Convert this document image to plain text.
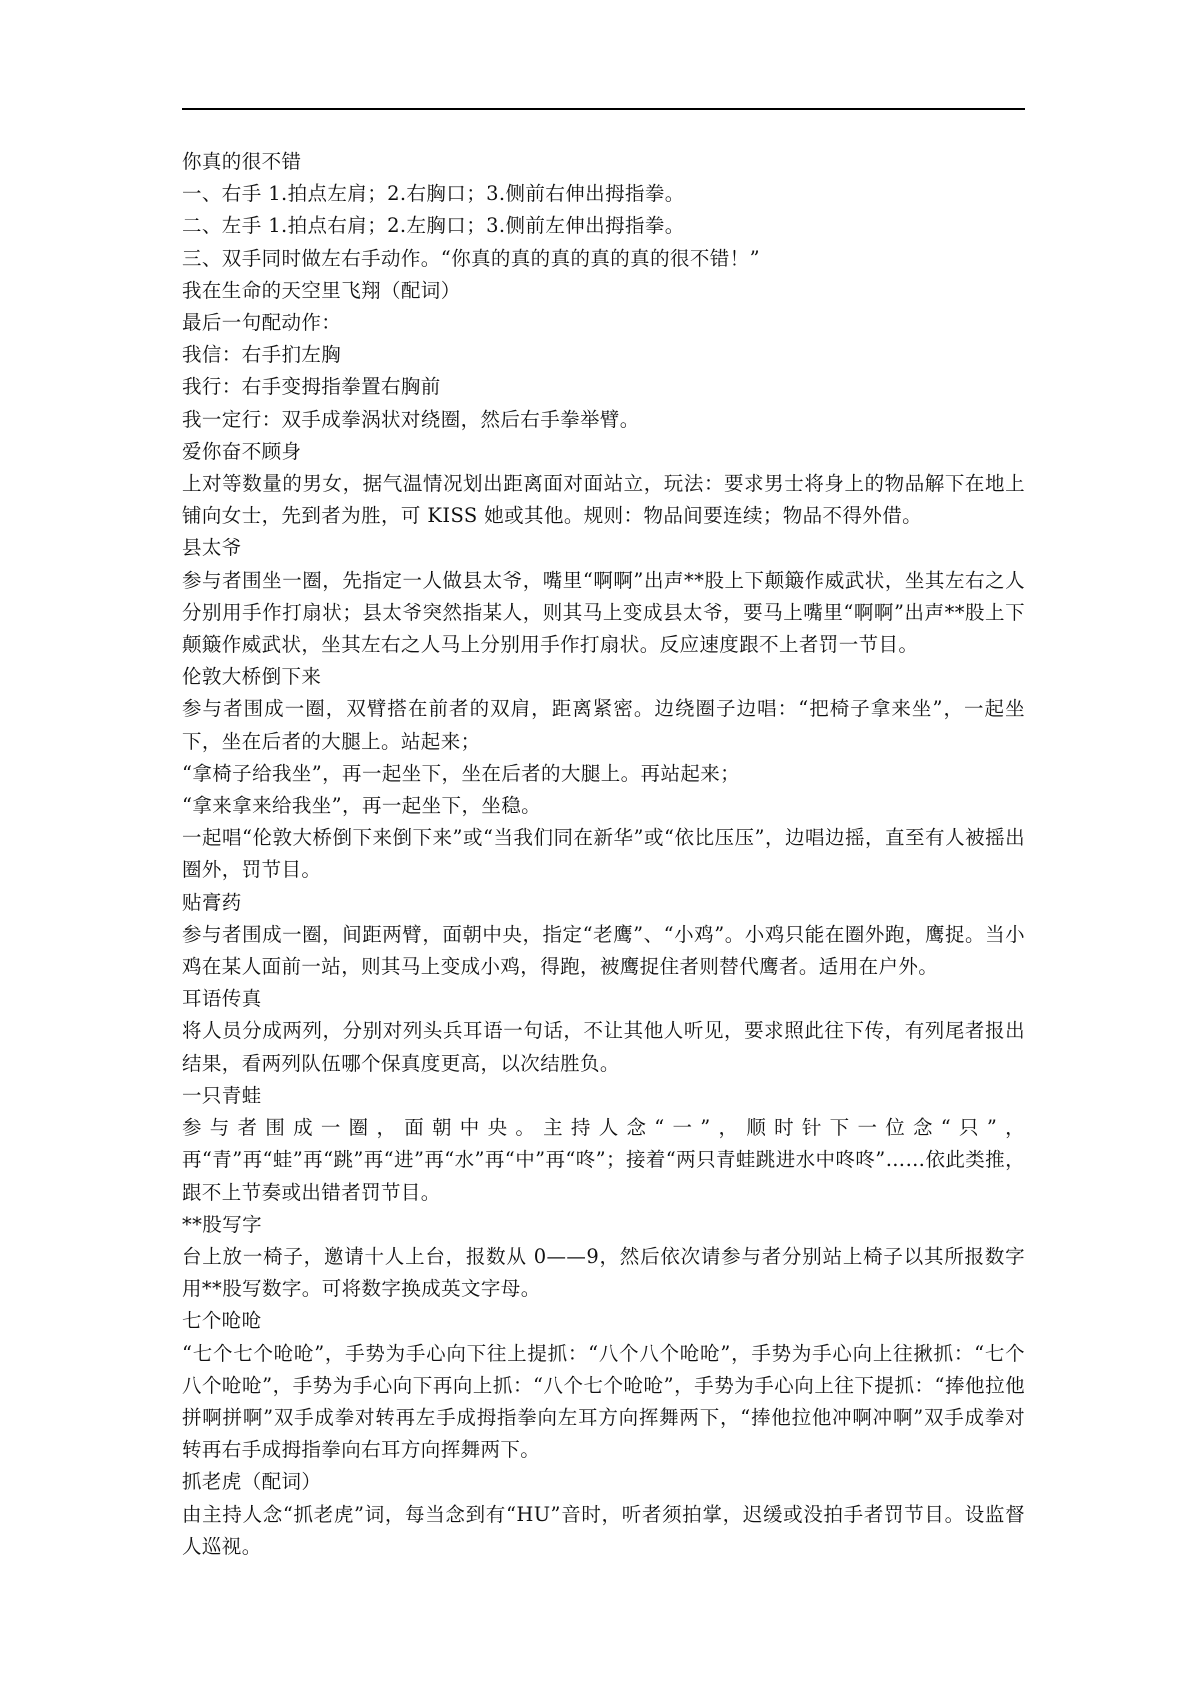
你真的很不错

一、右手 1.拍点左肩；2.右胸口；3.侧前右伸出拇指拳。

二、左手 1.拍点右肩；2.左胸口；3.侧前左伸出拇指拳。

三、双手同时做左右手动作。“你真的真的真的真的真的很不错！”

我在生命的天空里飞翔（配词）

最后一句配动作：

我信：右手扪左胸

我行：右手变拇指拳置右胸前

我一定行：双手成拳涡状对绕圈，然后右手拳举臂。

爱你奋不顾身

上对等数量的男女，据气温情况划出距离面对面站立，玩法：要求男士将身上的物品解下在地上铺向女士，先到者为胜，可 KISS 她或其他。规则：物品间要连续；物品不得外借。

县太爷

参与者围坐一圈，先指定一人做县太爷，嘴里“啊啊”出声**股上下颠簸作威武状，坐其左右之人分别用手作打扇状；县太爷突然指某人，则其马上变成县太爷，要马上嘴里“啊啊”出声**股上下颠簸作威武状，坐其左右之人马上分别用手作打扇状。反应速度跟不上者罚一节目。

伦敦大桥倒下来

参与者围成一圈，双臂搭在前者的双肩，距离紧密。边绕圈子边唱：“把椅子拿来坐”，一起坐下，坐在后者的大腿上。站起来；

“拿椅子给我坐”，再一起坐下，坐在后者的大腿上。再站起来；

“拿来拿来给我坐”，再一起坐下，坐稳。

一起唱“伦敦大桥倒下来倒下来”或“当我们同在新华”或“依比压压”，边唱边摇，直至有人被摇出圈外，罚节目。

贴膏药

参与者围成一圈，间距两臂，面朝中央，指定“老鹰”、“小鸡”。小鸡只能在圈外跑，鹰捉。当小鸡在某人面前一站，则其马上变成小鸡，得跑，被鹰捉住者则替代鹰者。适用在户外。

耳语传真

将人员分成两列，分别对列头兵耳语一句话，不让其他人听见，要求照此往下传，有列尾者报出结果，看两列队伍哪个保真度更高，以次结胜负。

一只青蛙

参与者围成一圈，面朝中央。主持人念“一”，顺时针下一位念“只”，再“青”再“蛙”再“跳”再“进”再“水”再“中”再“咚”；接着“两只青蛙跳进水中咚咚”……依此类推，跟不上节奏或出错者罚节目。

**股写字

台上放一椅子，邀请十人上台，报数从 0——9，然后依次请参与者分别站上椅子以其所报数字用**股写数字。可将数字换成英文字母。

七个呛呛

“七个七个呛呛”，手势为手心向下往上提抓：“八个八个呛呛”，手势为手心向上往揪抓：“七个八个呛呛”，手势为手心向下再向上抓：“八个七个呛呛”，手势为手心向上往下提抓：“捧他拉他拼啊拼啊”双手成拳对转再左手成拇指拳向左耳方向挥舞两下，“捧他拉他冲啊冲啊”双手成拳对转再右手成拇指拳向右耳方向挥舞两下。

抓老虎（配词）

由主持人念“抓老虎”词，每当念到有“HU”音时，听者须拍掌，迟缓或没拍手者罚节目。设监督人巡视。
